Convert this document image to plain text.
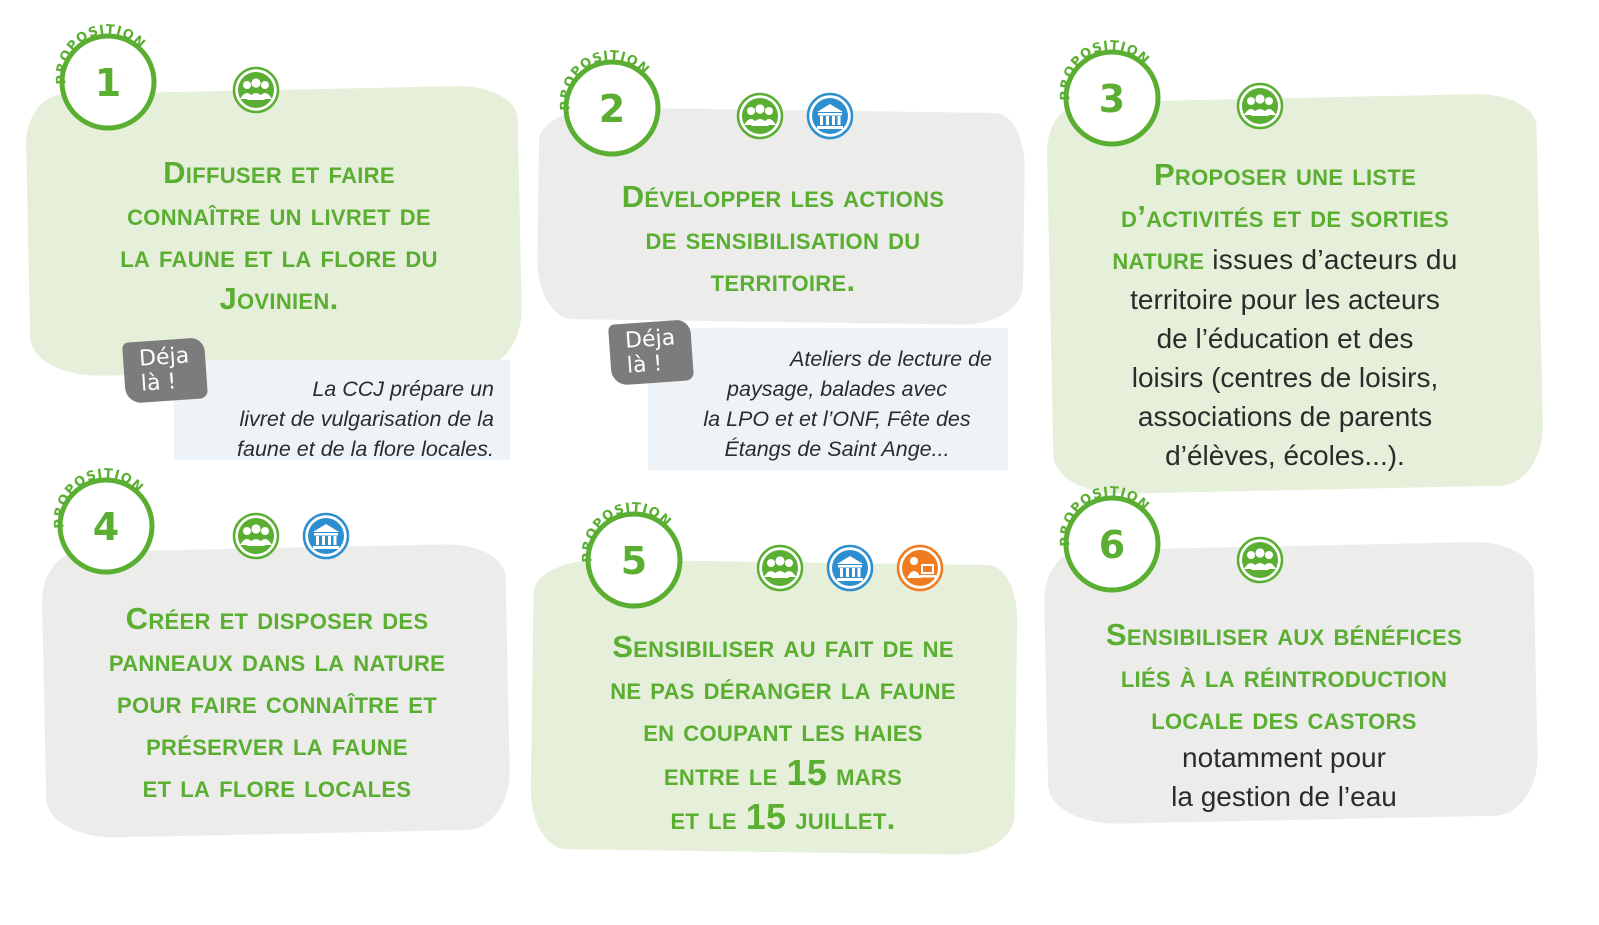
PROPOSITION
1
Diffuser et faire
connaître un livret de
la faune et la flore du
Jovinien.
Déja là !	La CCJ prépare un
livret de vulgarisation de la
faune et de la flore locales.
PROPOSITION
2
Développer les actions
de sensibilisation du
territoire.
Déja là !	Ateliers de lecture de
paysage, balades avec
la LPO et et l’ONF, Fête des
Étangs de Saint Ange...
PROPOSITION
3
Proposer une liste
d’activités et de sorties
nature issues d’acteurs du
territoire pour les acteurs
de l’éducation et des
loisirs (centres de loisirs,
associations de parents
d’élèves, écoles...).
PROPOSITION
4
Créer et disposer des
panneaux dans la nature
pour faire connaître et
préserver la faune
et la flore locales
PROPOSITION
5
Sensibiliser au fait de ne
ne pas déranger la faune
en coupant les haies
entre le 15 mars
et le 15 juillet.
PROPOSITION
6
Sensibiliser aux bénéfices
liés à la réintroduction
locale des castors
notamment pour
la gestion de l’eau
